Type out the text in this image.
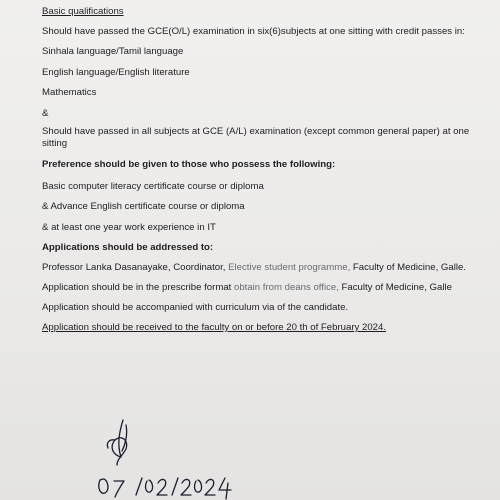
Basic qualifications
Should have passed the GCE(O/L) examination in six(6)subjects at one sitting with credit passes in:
Sinhala language/Tamil language
English language/English literature
Mathematics
&
Should have passed in all subjects at GCE (A/L) examination (except common general paper) at one sitting
Preference should be given to those who possess the following:
Basic computer literacy certificate course or diploma
& Advance English certificate course or diploma
& at least one year work experience in IT
Applications should be addressed to:
Professor Lanka Dasanayake, Coordinator, Elective student programme, Faculty of Medicine, Galle.
Application should be in the prescribe format obtain from deans office, Faculty of Medicine, Galle
Application should be accompanied with curriculum via of the candidate.
Application should be received to the faculty on or before 20 th of February 2024.
